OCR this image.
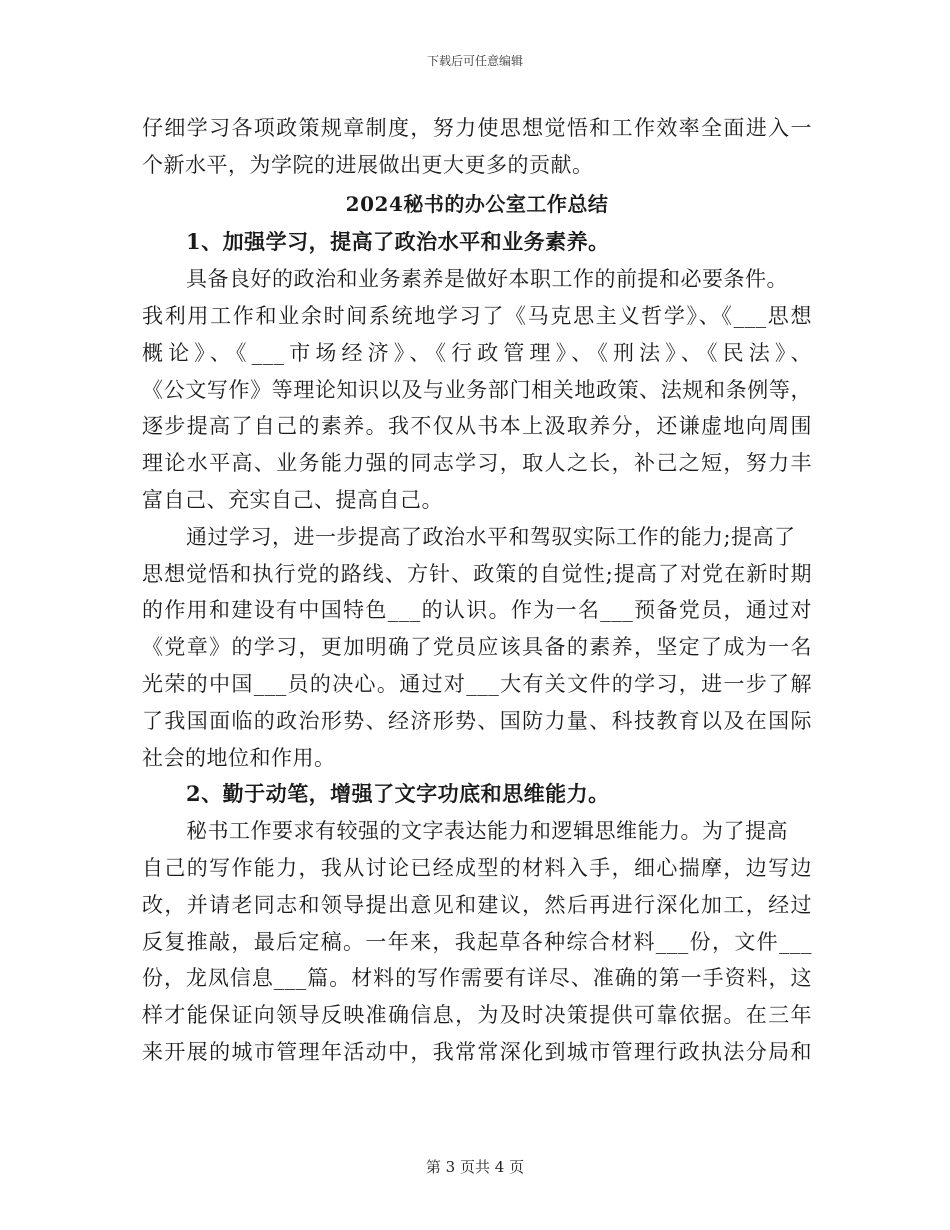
下载后可任意编辑
仔细学习各项政策规章制度，努力使思想觉悟和工作效率全面进入一
个新水平，为学院的进展做出更大更多的贡献。
2024秘书的办公室工作总结
1、加强学习，提高了政治水平和业务素养。
具备良好的政治和业务素养是做好本职工作的前提和必要条件。
我利用工作和业余时间系统地学习了《马克思主义哲学》、《___思想
概论》、《___市场经济》、《行政管理》、《刑法》、《民法》、
《公文写作》等理论知识以及与业务部门相关地政策、法规和条例等，
逐步提高了自己的素养。我不仅从书本上汲取养分，还谦虚地向周围
理论水平高、业务能力强的同志学习，取人之长，补己之短，努力丰
富自己、充实自己、提高自己。
通过学习，进一步提高了政治水平和驾驭实际工作的能力;提高了
思想觉悟和执行党的路线、方针、政策的自觉性;提高了对党在新时期
的作用和建设有中国特色___的认识。作为一名___预备党员，通过对
《党章》的学习，更加明确了党员应该具备的素养，坚定了成为一名
光荣的中国___员的决心。通过对___大有关文件的学习，进一步了解
了我国面临的政治形势、经济形势、国防力量、科技教育以及在国际
社会的地位和作用。
2、勤于动笔，增强了文字功底和思维能力。
秘书工作要求有较强的文字表达能力和逻辑思维能力。为了提高
自己的写作能力，我从讨论已经成型的材料入手，细心揣摩，边写边
改，并请老同志和领导提出意见和建议，然后再进行深化加工，经过
反复推敲，最后定稿。一年来，我起草各种综合材料___份，文件___
份，龙凤信息___篇。材料的写作需要有详尽、准确的第一手资料，这
样才能保证向领导反映准确信息，为及时决策提供可靠依据。在三年
来开展的城市管理年活动中，我常常深化到城市管理行政执法分局和
第 3 页共 4 页
